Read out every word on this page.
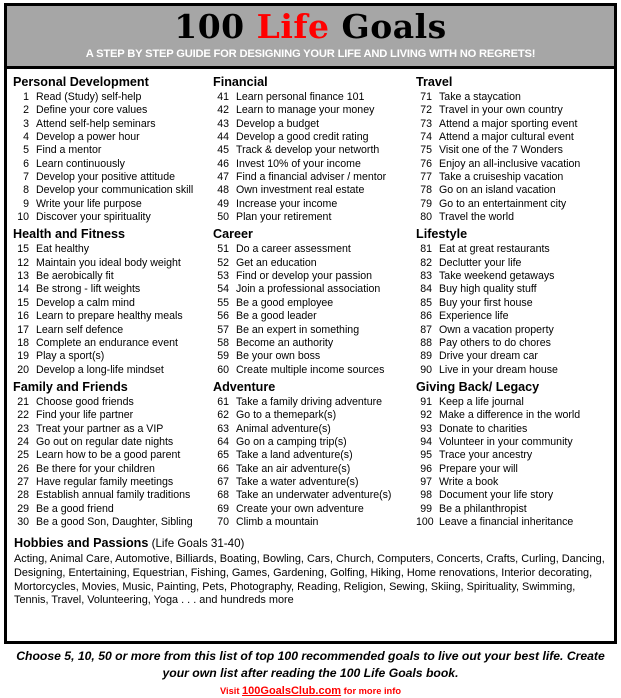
100 Life Goals
A STEP BY STEP GUIDE FOR DESIGNING YOUR LIFE AND LIVING WITH NO REGRETS!
Personal Development
1 Read (Study) self-help
2 Define your core values
3 Attend self-help seminars
4 Develop a power hour
5 Find a mentor
6 Learn continuously
7 Develop your positive attitude
8 Develop your communication skill
9 Write your life purpose
10 Discover your spirituality
Health and Fitness
15 Eat healthy
12 Maintain you ideal body weight
13 Be aerobically fit
14 Be strong - lift weights
15 Develop a calm mind
16 Learn to prepare healthy meals
17 Learn self defence
18 Complete an endurance event
19 Play a sport(s)
20 Develop a long-life mindset
Family and Friends
21 Choose good friends
22 Find your life partner
23 Treat your partner as a VIP
24 Go out on regular date nights
25 Learn how to be a good parent
26 Be there for your children
27 Have regular family meetings
28 Establish annual family traditions
29 Be a good friend
30 Be a good Son, Daughter, Sibling
Financial
41 Learn personal finance 101
42 Learn to manage your money
43 Develop a budget
44 Develop a good credit rating
45 Track & develop your networth
46 Invest 10% of your income
47 Find a financial adviser / mentor
48 Own investment real estate
49 Increase your income
50 Plan your retirement
Career
51 Do a career assessment
52 Get an education
53 Find or develop your passion
54 Join a professional association
55 Be a good employee
56 Be a good leader
57 Be an expert in something
58 Become an authority
59 Be your own boss
60 Create multiple income sources
Adventure
61 Take a family driving adventure
62 Go to a themepark(s)
63 Animal adventure(s)
64 Go on a camping trip(s)
65 Take a land adventure(s)
66 Take an air adventure(s)
67 Take a water adventure(s)
68 Take an underwater adventure(s)
69 Create your own adventure
70 Climb a mountain
Travel
71 Take a staycation
72 Travel in your own country
73 Attend a major sporting event
74 Attend a major cultural event
75 Visit one of the 7 Wonders
76 Enjoy an all-inclusive vacation
77 Take a cruiseship vacation
78 Go on an island vacation
79 Go to an entertainment city
80 Travel the world
Lifestyle
81 Eat at great restaurants
82 Declutter your life
83 Take weekend getaways
84 Buy high quality stuff
85 Buy your first house
86 Experience life
87 Own a vacation property
88 Pay others to do chores
89 Drive your dream car
90 Live in your dream house
Giving Back/ Legacy
91 Keep a life journal
92 Make a difference in the world
93 Donate to charities
94 Volunteer in your community
95 Trace your ancestry
96 Prepare your will
97 Write a book
98 Document your life story
99 Be a philanthropist
100 Leave a financial inheritance
Hobbies and Passions (Life Goals 31-40)
Acting, Animal Care, Automotive, Billiards, Boating, Bowling, Cars, Church, Computers, Concerts, Crafts, Curling, Dancing, Designing, Entertaining, Equestrian, Fishing, Games, Gardening, Golfing, Hiking, Home renovations, Interior decorating, Mortorcycles, Movies, Music, Painting, Pets, Photography, Reading, Religion, Sewing, Skiing, Spirituality, Swimming, Tennis, Travel, Volunteering, Yoga . . . and hundreds more
Choose 5, 10, 50 or more from this list of top 100 recommended goals to live out your best life. Create
your own list after reading the 100 Life Goals book.
Visit 100GoalsClub.com for more info
